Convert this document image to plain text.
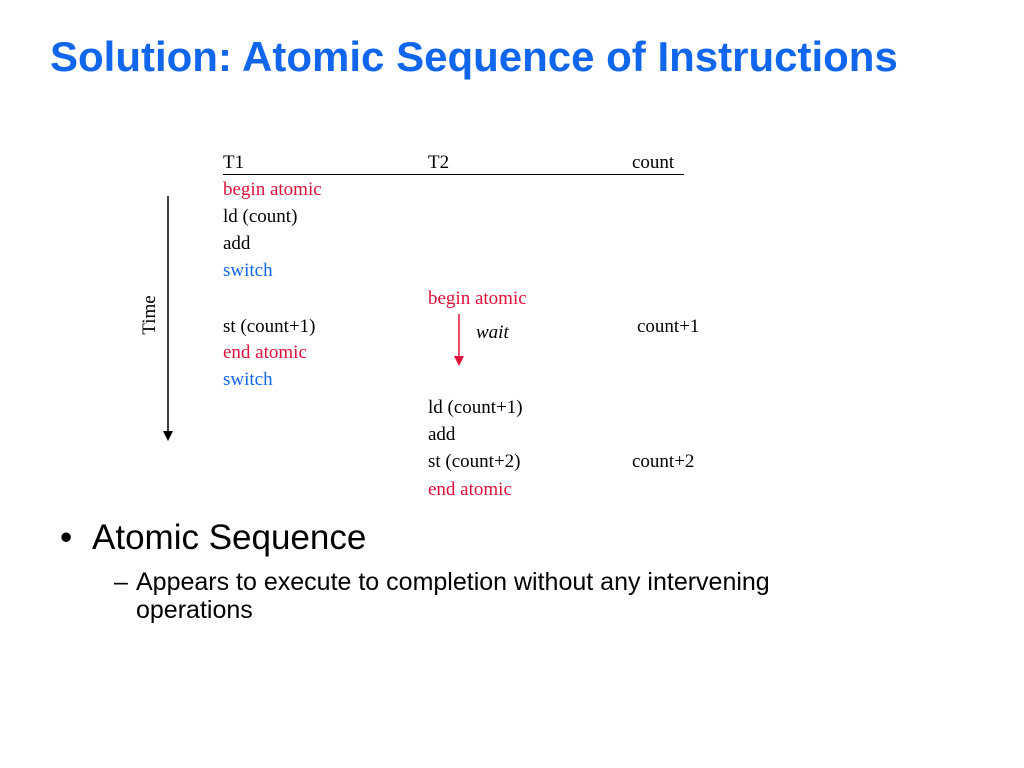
Solution: Atomic Sequence of Instructions
T1	T2	count
begin atomic
ld (count)
add
switch
st (count+1)
end atomic
switch
begin atomic
ld (count+1)
add
st (count+2)
end atomic
count+1
count+2
wait
Time
• Atomic Sequence
– Appears to execute to completion without any intervening operations
